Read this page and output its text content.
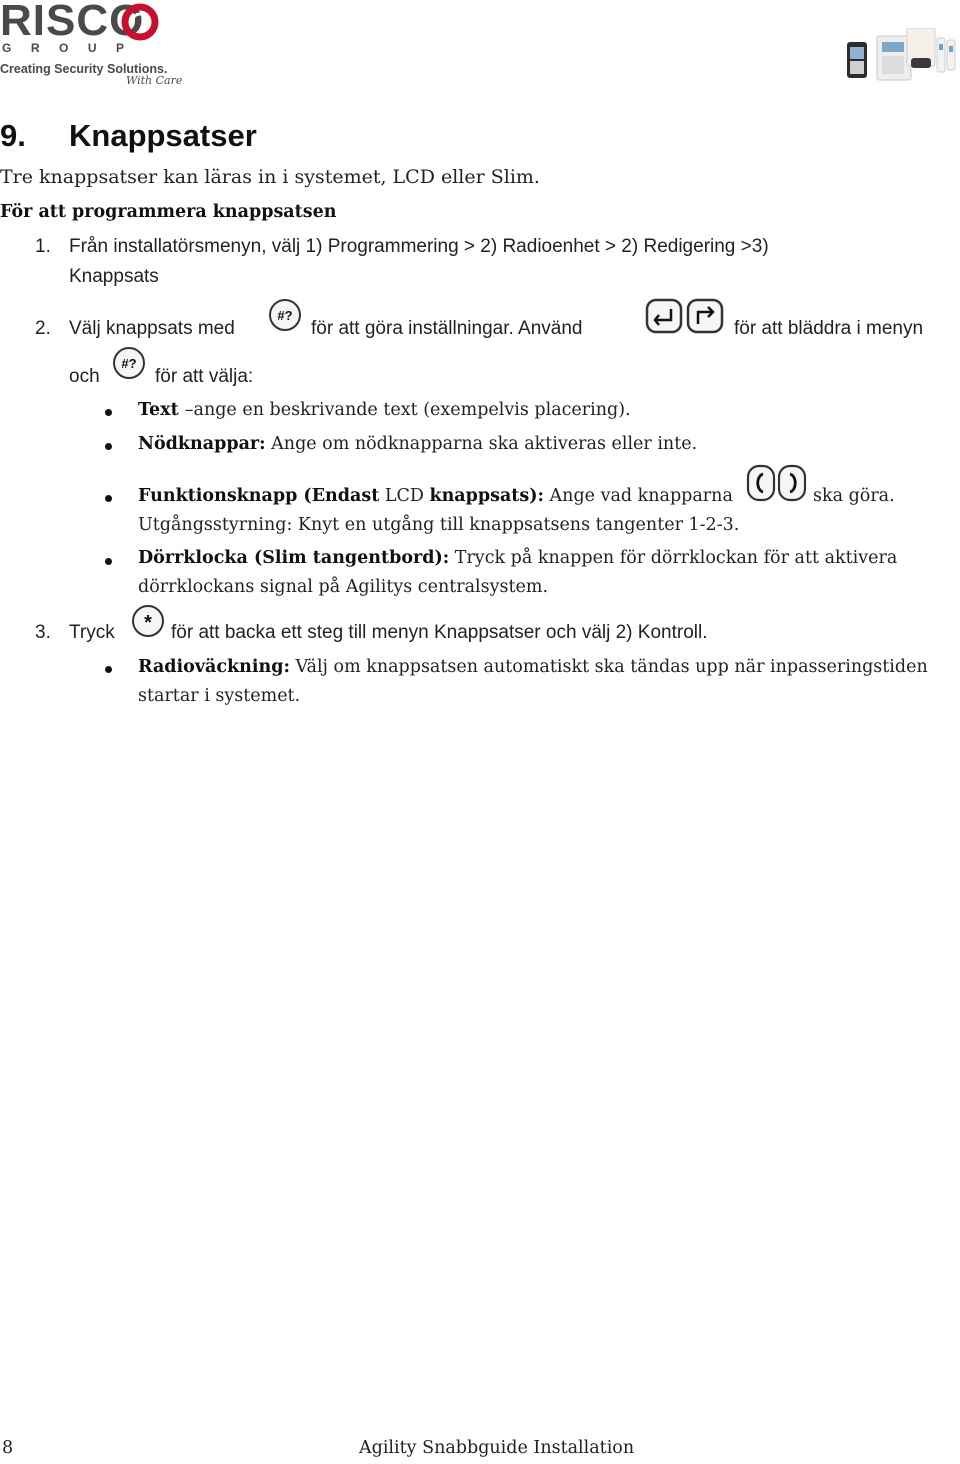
RISCO
GROUP
Creating Security Solutions.
With Care
9. Knappsatser
Tre knappsatser kan läras in i systemet, LCD eller Slim.
För att programmera knappsatsen
1. Från installatörsmenyn, välj 1) Programmering > 2) Radioenhet > 2) Redigering >3)
Knappsats
2. Välj knappsats med
#?
för att göra inställningar. Använd	för att bläddra i menyn
och
#?
för att välja:
Text –ange en beskrivande text (exempelvis placering).
Nödknappar: Ange om nödknapparna ska aktiveras eller inte.
Funktionsknapp (Endast LCD knappsats): Ange vad knapparna	ska göra.
Utgångsstyrning: Knyt en utgång till knappsatsens tangenter 1-2-3.
Dörrklocka (Slim tangentbord): Tryck på knappen för dörrklockan för att aktivera
dörrklockans signal på Agilitys centralsystem.
3. Tryck * för att backa ett steg till menyn Knappsatser och välj 2) Kontroll.
Radioväckning: Välj om knappsatsen automatiskt ska tändas upp när inpasseringstiden
startar i systemet.
8	Agility Snabbguide Installation
